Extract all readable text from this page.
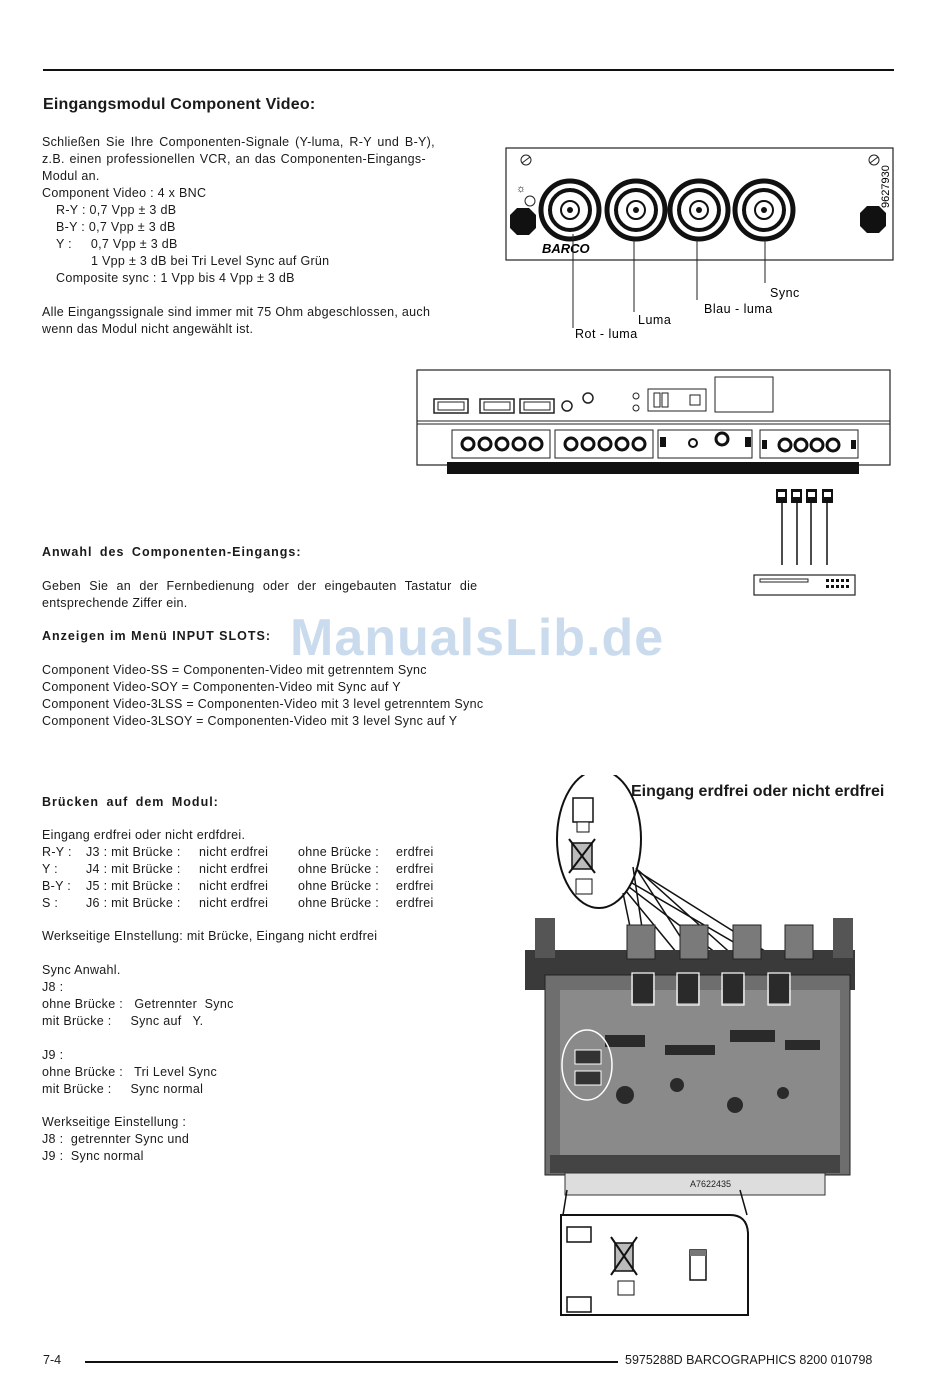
Eingangsmodul Component Video:
Schließen Sie Ihre Componenten-Signale (Y-luma, R-Y und B-Y),
z.B. einen professionellen VCR, an das Componenten-Eingangs-
Modul an.
Component Video : 4 x BNC
R-Y : 0,7 Vpp ± 3 dB
B-Y : 0,7 Vpp ± 3 dB
Y :     0,7 Vpp ± 3 dB
1 Vpp ± 3 dB bei Tri Level Sync auf Grün
Composite sync : 1 Vpp bis 4 Vpp ± 3 dB
Alle Eingangssignale sind immer mit 75 Ohm abgeschlossen, auch
wenn das Modul nicht angewählt ist.
☼
BARCO
9627930
Sync
Blau - luma
Luma
Rot - luma
Anwahl des Componenten-Eingangs:
Geben Sie an der Fernbedienung oder der eingebauten Tastatur die
entsprechende Ziffer ein.
Anzeigen im Menü INPUT SLOTS:
Component Video-SS = Componenten-Video mit getrenntem Sync
Component Video-SOY = Componenten-Video mit Sync auf Y
Component Video-3LSS = Componenten-Video mit 3 level getrenntem Sync
Component Video-3LSOY = Componenten-Video mit 3 level Sync auf Y
ManualsLib.de
Brücken auf dem Modul:
Eingang erdfrei oder nicht erdfdrei.
R-Y : J3 : mit Brücke : nicht erdfrei ohne Brücke : erdfrei
Y : J4 : mit Brücke : nicht erdfrei ohne Brücke : erdfrei
B-Y : J5 : mit Brücke : nicht erdfrei ohne Brücke : erdfrei
S : J6 : mit Brücke : nicht erdfrei ohne Brücke : erdfrei
Werkseitige EInstellung: mit Brücke, Eingang nicht erdfrei
Sync Anwahl.
J8 :
ohne Brücke :   Getrennter  Sync
mit Brücke :     Sync auf   Y.
J9 :
ohne Brücke :   Tri Level Sync
mit Brücke :     Sync normal
Werkseitige Einstellung :
J8 :  getrennter Sync und
J9 :  Sync normal
Eingang erdfrei oder nicht erdfrei
A7622435
7-4	5975288D BARCOGRAPHICS 8200 010798
